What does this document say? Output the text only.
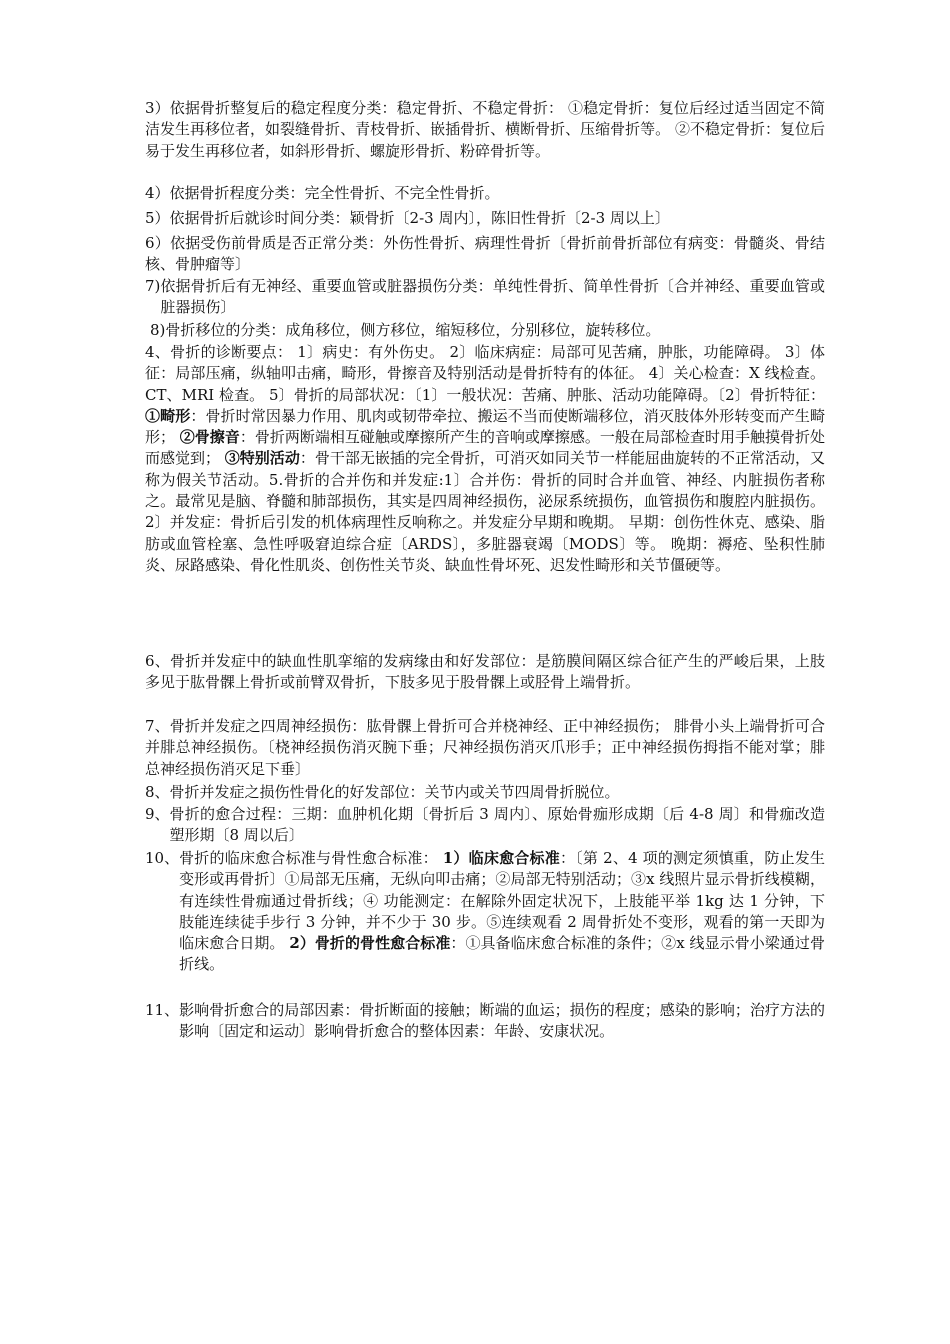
3）依据骨折整复后的稳定程度分类：稳定骨折、不稳定骨折： ①稳定骨折：复位后经过适当固定不简洁发生再移位者，如裂缝骨折、青枝骨折、嵌插骨折、横断骨折、压缩骨折等。 ②不稳定骨折：复位后易于发生再移位者，如斜形骨折、螺旋形骨折、粉碎骨折等。

4）依据骨折程度分类：完全性骨折、不完全性骨折。

5）依据骨折后就诊时间分类：颖骨折〔2-3 周内〕，陈旧性骨折〔2-3 周以上〕

6）依据受伤前骨质是否正常分类：外伤性骨折、病理性骨折〔骨折前骨折部位有病变：骨髓炎、骨结核、骨肿瘤等〕

7) 依据骨折后有无神经、重要血管或脏器损伤分类：单纯性骨折、简单性骨折〔合并神经、重要血管或脏器损伤〕

8)骨折移位的分类：成角移位，侧方移位，缩短移位，分别移位，旋转移位。

4、骨折的诊断要点： 1〕病史：有外伤史。 2〕临床病症：局部可见苦痛，肿胀，功能障碍。 3〕体征：局部压痛，纵轴叩击痛，畸形，骨擦音及特别活动是骨折特有的体征。 4〕关心检查：X 线检查。CT、MRI 检查。 5〕骨折的局部状况：〔1〕一般状况：苦痛、肿胀、活动功能障碍。〔2〕骨折特征： ①畸形：骨折时常因暴力作用、肌肉或韧带牵拉、搬运不当而使断端移位，消灭肢体外形转变而产生畸形； ②骨擦音：骨折两断端相互碰触或摩擦所产生的音响或摩擦感。一般在局部检查时用手触摸骨折处而感觉到； ③特别活动：骨干部无嵌插的完全骨折，可消灭如同关节一样能屈曲旋转的不正常活动，又称为假关节活动。5.骨折的合并伤和并发症:1〕合并伤：骨折的同时合并血管、神经、内脏损伤者称之。最常见是脑、脊髓和肺部损伤，其实是四周神经损伤，泌尿系统损伤，血管损伤和腹腔内脏损伤。2〕并发症：骨折后引发的机体病理性反响称之。并发症分早期和晚期。 早期：创伤性休克、感染、脂肪或血管栓塞、急性呼吸窘迫综合症〔ARDS〕，多脏器衰竭〔MODS〕等。 晚期：褥疮、坠积性肺炎、尿路感染、骨化性肌炎、创伤性关节炎、缺血性骨坏死、迟发性畸形和关节僵硬等。

6、骨折并发症中的缺血性肌挛缩的发病缘由和好发部位：是筋膜间隔区综合征产生的严峻后果，上肢多见于肱骨髁上骨折或前臂双骨折，下肢多见于股骨髁上或胫骨上端骨折。

7、骨折并发症之四周神经损伤：肱骨髁上骨折可合并桡神经、正中神经损伤； 腓骨小头上端骨折可合并腓总神经损伤。〔桡神经损伤消灭腕下垂；尺神经损伤消灭爪形手；正中神经损伤拇指不能对掌；腓总神经损伤消灭足下垂〕

8、骨折并发症之损伤性骨化的好发部位：关节内或关节四周骨折脱位。

9、 骨折的愈合过程：三期：血肿机化期〔骨折后 3 周内〕、原始骨痂形成期〔后 4-8 周〕和骨痂改造塑形期〔8 周以后〕
10、 骨折的临床愈合标准与骨性愈合标准： 1）临床愈合标准：〔第 2、4 项的测定须慎重，防止发生变形或再骨折〕①局部无压痛，无纵向叩击痛；②局部无特别活动；③x 线照片显示骨折线模糊，有连续性骨痂通过骨折线；④ 功能测定：在解除外固定状况下，上肢能平举 1kg 达 1 分钟，下肢能连续徒手步行 3 分钟，并不少于 30 步。⑤连续观看 2 周骨折处不变形，观看的第一天即为临床愈合日期。 2）骨折的骨性愈合标准：①具备临床愈合标准的条件；②x 线显示骨小梁通过骨折线。
11、 影响骨折愈合的局部因素：骨折断面的接触；断端的血运；损伤的程度；感染的影响；治疗方法的影响〔固定和运动〕影响骨折愈合的整体因素：年龄、安康状况。
